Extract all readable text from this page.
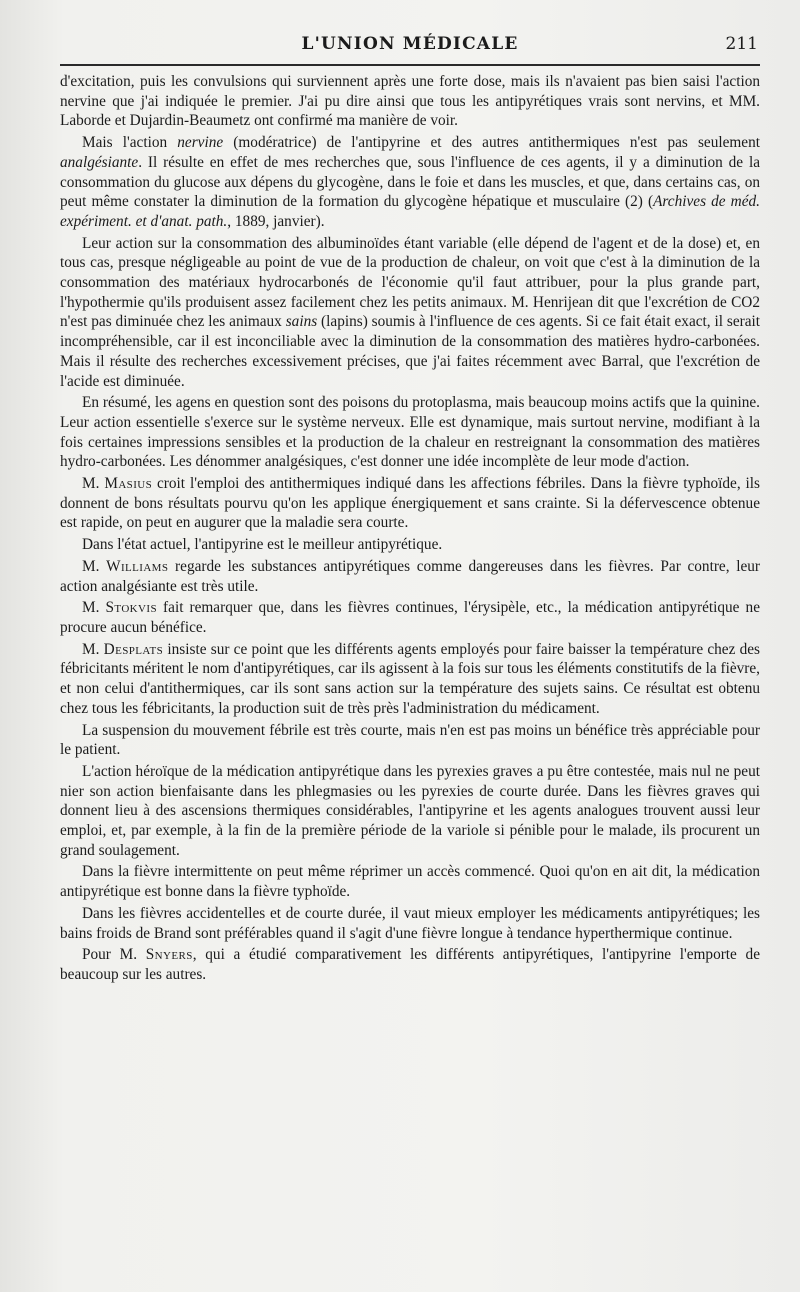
L'UNION MÉDICALE	211

d'excitation, puis les convulsions qui surviennent après une forte dose, mais ils n'avaient pas bien saisi l'action nervine que j'ai indiquée le premier. J'ai pu dire ainsi que tous les antipyrétiques vrais sont nervins, et MM. Laborde et Dujardin-Beaumetz ont confirmé ma manière de voir.

Mais l'action nervine (modératrice) de l'antipyrine et des autres antithermiques n'est pas seulement analgésiante. Il résulte en effet de mes recherches que, sous l'influence de ces agents, il y a diminution de la consommation du glucose aux dépens du glycogène, dans le foie et dans les muscles, et que, dans certains cas, on peut même constater la diminution de la formation du glycogène hépatique et musculaire (2) (Archives de méd. expériment. et d'anat. path., 1889, janvier).

Leur action sur la consommation des albuminoïdes étant variable (elle dépend de l'agent et de la dose) et, en tous cas, presque négligeable au point de vue de la production de chaleur, on voit que c'est à la diminution de la consommation des matériaux hydrocarbonés de l'économie qu'il faut attribuer, pour la plus grande part, l'hypothermie qu'ils produisent assez facilement chez les petits animaux. M. Henrijean dit que l'excrétion de CO2 n'est pas diminuée chez les animaux sains (lapins) soumis à l'influence de ces agents. Si ce fait était exact, il serait incompréhensible, car il est inconciliable avec la diminution de la consommation des matières hydro-carbonées. Mais il résulte des recherches excessivement précises, que j'ai faites récemment avec Barral, que l'excrétion de l'acide est diminuée.

En résumé, les agens en question sont des poisons du protoplasma, mais beaucoup moins actifs que la quinine. Leur action essentielle s'exerce sur le système nerveux. Elle est dynamique, mais surtout nervine, modifiant à la fois certaines impressions sensibles et la production de la chaleur en restreignant la consommation des matières hydro-carbonées. Les dénommer analgésiques, c'est donner une idée incomplète de leur mode d'action.

M. Masius croit l'emploi des antithermiques indiqué dans les affections fébriles. Dans la fièvre typhoïde, ils donnent de bons résultats pourvu qu'on les applique énergiquement et sans crainte. Si la défervescence obtenue est rapide, on peut en augurer que la maladie sera courte.

Dans l'état actuel, l'antipyrine est le meilleur antipyrétique.

M. Williams regarde les substances antipyrétiques comme dangereuses dans les fièvres. Par contre, leur action analgésiante est très utile.

M. Stokvis fait remarquer que, dans les fièvres continues, l'érysipèle, etc., la médication antipyrétique ne procure aucun bénéfice.

M. Desplats insiste sur ce point que les différents agents employés pour faire baisser la température chez des fébricitants méritent le nom d'antipyrétiques, car ils agissent à la fois sur tous les éléments constitutifs de la fièvre, et non celui d'antithermiques, car ils sont sans action sur la température des sujets sains. Ce résultat est obtenu chez tous les fébricitants, la production suit de très près l'administration du médicament.

La suspension du mouvement fébrile est très courte, mais n'en est pas moins un bénéfice très appréciable pour le patient.

L'action héroïque de la médication antipyrétique dans les pyrexies graves a pu être contestée, mais nul ne peut nier son action bienfaisante dans les phlegmasies ou les pyrexies de courte durée. Dans les fièvres graves qui donnent lieu à des ascensions thermiques considérables, l'antipyrine et les agents analogues trouvent aussi leur emploi, et, par exemple, à la fin de la première période de la variole si pénible pour le malade, ils procurent un grand soulagement.

Dans la fièvre intermittente on peut même réprimer un accès commencé. Quoi qu'on en ait dit, la médication antipyrétique est bonne dans la fièvre typhoïde.

Dans les fièvres accidentelles et de courte durée, il vaut mieux employer les médicaments antipyrétiques; les bains froids de Brand sont préférables quand il s'agit d'une fièvre longue à tendance hyperthermique continue.

Pour M. Snyers, qui a étudié comparativement les différents antipyrétiques, l'antipyrine l'emporte de beaucoup sur les autres.
